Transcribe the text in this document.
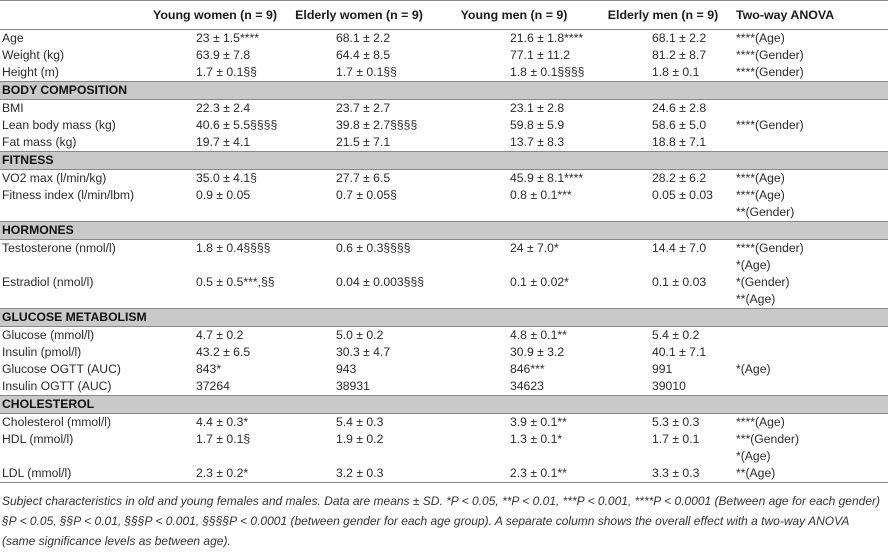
	Young women (n = 9)	Elderly women (n = 9)	Young men (n = 9)	Elderly men (n = 9)	Two-way ANOVA
Age	23 ± 1.5****	68.1 ± 2.2	21.6 ± 1.8****	68.1 ± 2.2	****(Age)

Weight (kg)	63.9 ± 7.8	64.4 ± 8.5	77.1 ± 11.2	81.2 ± 8.7	****(Gender)

Height (m)	1.7 ± 0.1§§	1.7 ± 0.1§§	1.8 ± 0.1§§§§	1.8 ± 0.1	****(Gender)

BODY COMPOSITION					
BMI	22.3 ± 2.4	23.7 ± 2.7	23.1 ± 2.8	24.6 ± 2.8	

Lean body mass (kg)	40.6 ± 5.5§§§§	39.8 ± 2.7§§§§	59.8 ± 5.9	58.6 ± 5.0	****(Gender)

Fat mass (kg)	19.7 ± 4.1	21.5 ± 7.1	13.7 ± 8.3	18.8 ± 7.1	

FITNESS					
VO2 max (l/min/kg)	35.0 ± 4.1§	27.7 ± 6.5	45.9 ± 8.1****	28.2 ± 6.2	****(Age)

Fitness index (l/min/lbm)	0.9 ± 0.05	0.7 ± 0.05§	0.8 ± 0.1***	0.05 ± 0.03	****(Age)
**(Gender)

HORMONES					
Testosterone (nmol/l)	1.8 ± 0.4§§§§	0.6 ± 0.3§§§§	24 ± 7.0*	14.4 ± 7.0	****(Gender)
*(Age)

Estradiol (nmol/l)	0.5 ± 0.5***,§§	0.04 ± 0.003§§§	0.1 ± 0.02*	0.1 ± 0.03	*(Gender)
**(Age)

GLUCOSE METABOLISM					
Glucose (mmol/l)	4.7 ± 0.2	5.0 ± 0.2	4.8 ± 0.1**	5.4 ± 0.2	

Insulin (pmol/l)	43.2 ± 6.5	30.3 ± 4.7	30.9 ± 3.2	40.1 ± 7.1	

Glucose OGTT (AUC)	843*	943	846***	991	*(Age)

Insulin OGTT (AUC)	37264	38931	34623	39010	

CHOLESTEROL					
Cholesterol (mmol/l)	4.4 ± 0.3*	5.4 ± 0.3	3.9 ± 0.1**	5.3 ± 0.3	****(Age)

HDL (mmol/l)	1.7 ± 0.1§	1.9 ± 0.2	1.3 ± 0.1*	1.7 ± 0.1	***(Gender)
*(Age)

LDL (mmol/l)	2.3 ± 0.2*	3.2 ± 0.3	2.3 ± 0.1**	3.3 ± 0.3	**(Age)
Subject characteristics in old and young females and males. Data are means ± SD. *P < 0.05, **P < 0.01, ***P < 0.001, ****P < 0.0001 (Between age for each gender) §P < 0.05, §§P < 0.01, §§§P < 0.001, §§§§P < 0.0001 (between gender for each age group). A separate column shows the overall effect with a two-way ANOVA (same significance levels as between age).
